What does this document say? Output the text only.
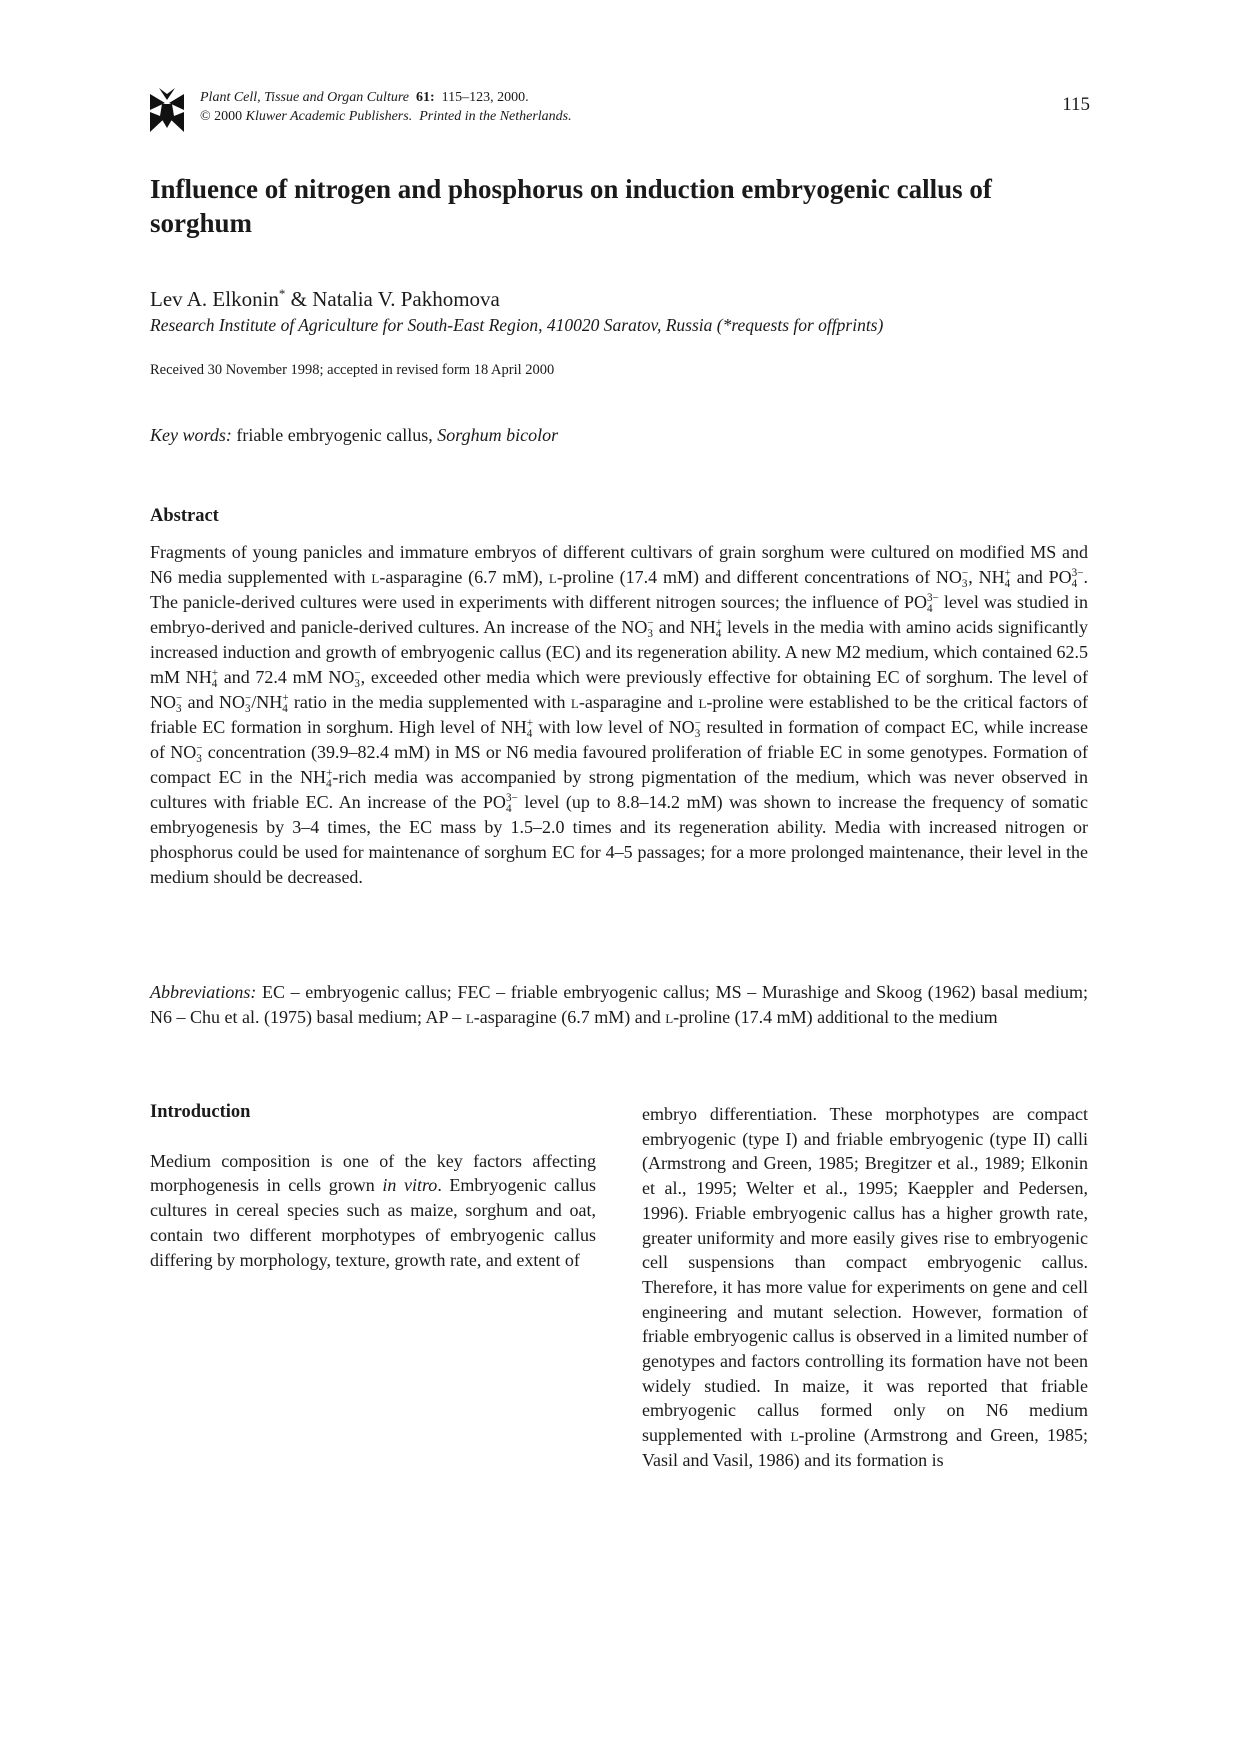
Plant Cell, Tissue and Organ Culture 61: 115–123, 2000.
© 2000 Kluwer Academic Publishers. Printed in the Netherlands.
115
Influence of nitrogen and phosphorus on induction embryogenic callus of sorghum
Lev A. Elkonin* & Natalia V. Pakhomova
Research Institute of Agriculture for South-East Region, 410020 Saratov, Russia (*requests for offprints)
Received 30 November 1998; accepted in revised form 18 April 2000
Key words: friable embryogenic callus, Sorghum bicolor
Abstract

Fragments of young panicles and immature embryos of different cultivars of grain sorghum were cultured on modified MS and N6 media supplemented with l-asparagine (6.7 mM), l-proline (17.4 mM) and different concentrations of NO −
3 , NH +
4 and PO 3−
4 . The panicle-derived cultures were used in experiments with different nitrogen sources; the influence of PO 3−
4 level was studied in embryo-derived and panicle-derived cultures. An increase of the NO −
3 and NH +
4 levels in the media with amino acids significantly increased induction and growth of embryogenic callus (EC) and its regeneration ability. A new M2 medium, which contained 62.5 mM NH +
4 and 72.4 mM NO −
3 , exceeded other media which were previously effective for obtaining EC of sorghum. The level of NO −
3 and NO −
3 /NH +
4 ratio in the media supplemented with l-asparagine and l-proline were established to be the critical factors of friable EC formation in sorghum. High level of NH +
4 with low level of NO −
3 resulted in formation of compact EC, while increase of NO −
3 concentration (39.9–82.4 mM) in MS or N6 media favoured proliferation of friable EC in some genotypes. Formation of compact EC in the NH +
4 -rich media was accompanied by strong pigmentation of the medium, which was never observed in cultures with friable EC. An increase of the PO 3−
4 level (up to 8.8–14.2 mM) was shown to increase the frequency of somatic embryogenesis by 3–4 times, the EC mass by 1.5–2.0 times and its regeneration ability. Media with increased nitrogen or phosphorus could be used for maintenance of sorghum EC for 4–5 passages; for a more prolonged maintenance, their level in the medium should be decreased.

Abbreviations: EC – embryogenic callus; FEC – friable embryogenic callus; MS – Murashige and Skoog (1962) basal medium; N6 – Chu et al. (1975) basal medium; AP – l-asparagine (6.7 mM) and l-proline (17.4 mM) additional to the medium

Introduction

Medium composition is one of the key factors affecting morphogenesis in cells grown in vitro. Embryogenic callus cultures in cereal species such as maize, sorghum and oat, contain two different morphotypes of embryogenic callus differing by morphology, texture, growth rate, and extent of

embryo differentiation. These morphotypes are compact embryogenic (type I) and friable embryogenic (type II) calli (Armstrong and Green, 1985; Bregitzer et al., 1989; Elkonin et al., 1995; Welter et al., 1995; Kaeppler and Pedersen, 1996). Friable embryogenic callus has a higher growth rate, greater uniformity and more easily gives rise to embryogenic cell suspensions than compact embryogenic callus. Therefore, it has more value for experiments on gene and cell engineering and mutant selection. However, formation of friable embryogenic callus is observed in a limited number of genotypes and factors controlling its formation have not been widely studied. In maize, it was reported that friable embryogenic callus formed only on N6 medium supplemented with l-proline (Armstrong and Green, 1985; Vasil and Vasil, 1986) and its formation is
